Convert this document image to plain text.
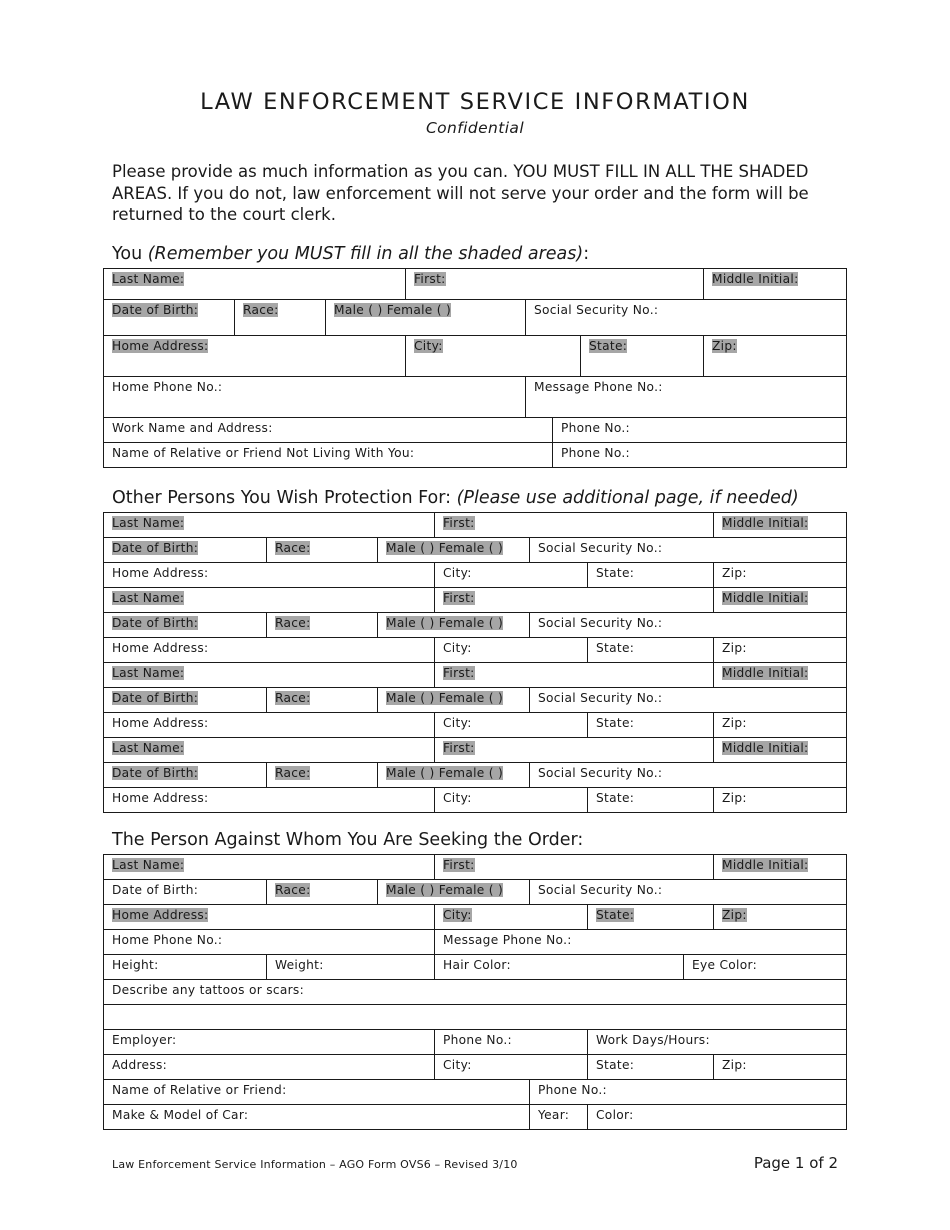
LAW ENFORCEMENT SERVICE INFORMATION
Confidential

Please provide as much information as you can. YOU MUST FILL IN ALL THE SHADED AREAS. If you do not, law enforcement will not serve your order and the form will be returned to the court clerk.

You (Remember you MUST fill in all the shaded areas):
Last Name:			First:				Middle Initial:
Date of Birth:	Race:	Male ( ) Female ( )		Social Security No.:			
Home Address:			City:			State:	Zip:
Home Phone No.:				Message Phone No.:			
Work Name and Address:					Phone No.:		
Name of Relative or Friend Not Living With You:					Phone No.:		
Other Persons You Wish Protection For: (Please use additional page, if needed)
Last Name:			First:			Middle Initial:
Date of Birth:	Race:	Male ( ) Female ( )		Social Security No.:		
Home Address:			City:		State:	Zip:
Last Name:			First:			Middle Initial:
Date of Birth:	Race:	Male ( ) Female ( )		Social Security No.:		
Home Address:			City:		State:	Zip:
Last Name:			First:			Middle Initial:
Date of Birth:	Race:	Male ( ) Female ( )		Social Security No.:		
Home Address:			City:		State:	Zip:
Last Name:			First:			Middle Initial:
Date of Birth:	Race:	Male ( ) Female ( )		Social Security No.:		
Home Address:			City:		State:	Zip:
The Person Against Whom You Are Seeking the Order:
Last Name:			First:				Middle Initial:
Date of Birth:	Race:	Male ( ) Female ( )		Social Security No.:			
Home Address:			City:		State:		Zip:
Home Phone No.:			Message Phone No.:				
Height:	Weight:		Hair Color:			Eye Color:	
Describe any tattoos or scars:							

Employer:			Phone No.:		Work Days/Hours:		
Address:			City:		State:		Zip:
Name of Relative or Friend:				Phone No.:			
Make & Model of Car:				Year:	Color:		
Law Enforcement Service Information – AGO Form OVS6 – Revised 3/10	Page 1 of 2
